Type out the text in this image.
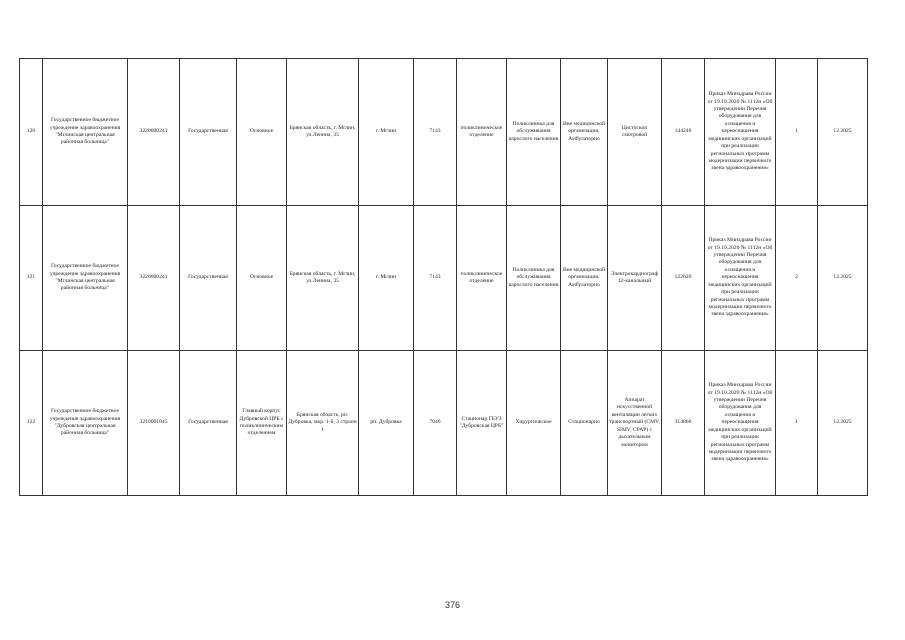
126	Государственное бюджетное учреждение здравоохранения "Мглинская центральная районная больница"	3220000241	Государственная	Основное	Брянская область, г. Мглин, ул.Ленина, 35	г. Мглин	7143	поликлиническое отделение	Поликлиника для обслуживания взрослого населения	Вне медицинской организации, Амбулаторно	Цистоскоп смотровой	144240	Приказ Минздрава России от 19.10.2020 № 1112н «Об утверждении Перечня оборудования для оснащения и переоснащения медицинских организаций при реализации региональных программ модернизации первичного звена здравоохранения»	1	12.2025
121	Государственное бюджетное учреждение здравоохранения "Мглинская центральная районная больница"	3220000241	Государственная	Основное	Брянская область, г. Мглин, ул.Ленина, 35	г. Мглин	7143	поликлиническое отделение	Поликлиника для обслуживания взрослого населения	Вне медицинской организации, Амбулаторно	Электрокардиограф 12-канальный	122620	Приказ Минздрава России от 19.10.2020 № 1112н «Об утверждении Перечня оборудования для оснащения и переоснащения медицинских организаций при реализации региональных программ модернизации первичного звена здравоохранения»	2	12.2025
122	Государственное бюджетное учреждение здравоохранения "Дубровская центральная районная больница"	3210001045	Государственная	Главный корпус Дубровской ЦРБ с поликлиническим отделением	Брянская область, рп. Дубровка, мкр. 1-й, 3 строен 1	рп. Дубровка	7046	Стационар ГБУЗ "Дубровская ЦРБ"	Хирургическое	Стационарно	Аппарат искусственной вентиляции легких транспортный (CMV, SIMV, CPAP) с дыхательным монитором	314860	Приказ Минздрава России от 19.10.2020 № 1112н «Об утверждении Перечня оборудования для оснащения и переоснащения медицинских организаций при реализации региональных программ модернизации первичного звена здравоохранения»	1	12.2025
376
